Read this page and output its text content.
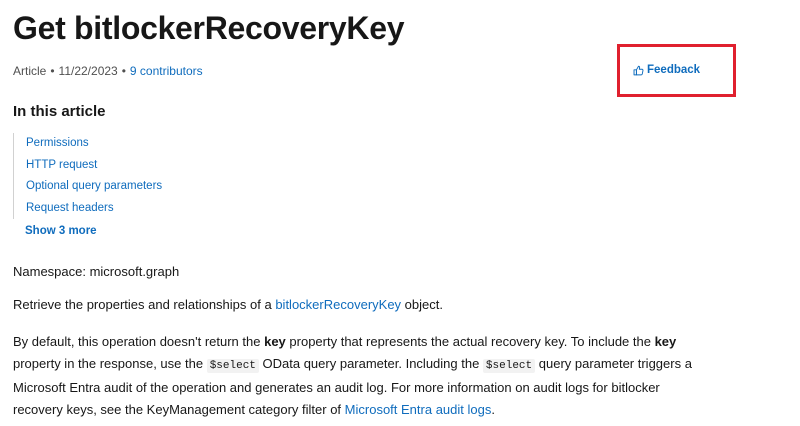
Get bitlockerRecoveryKey
Article • 11/22/2023 • 9 contributors	Feedback
In this article
Permissions
HTTP request
Optional query parameters
Request headers
Show 3 more

Namespace: microsoft.graph

Retrieve the properties and relationships of a bitlockerRecoveryKey object.

By default, this operation doesn't return the key property that represents the actual recovery key. To include the key
property in the response, use the $select OData query parameter. Including the $select query parameter triggers a
Microsoft Entra audit of the operation and generates an audit log. For more information on audit logs for bitlocker
recovery keys, see the KeyManagement category filter of Microsoft Entra audit logs.
